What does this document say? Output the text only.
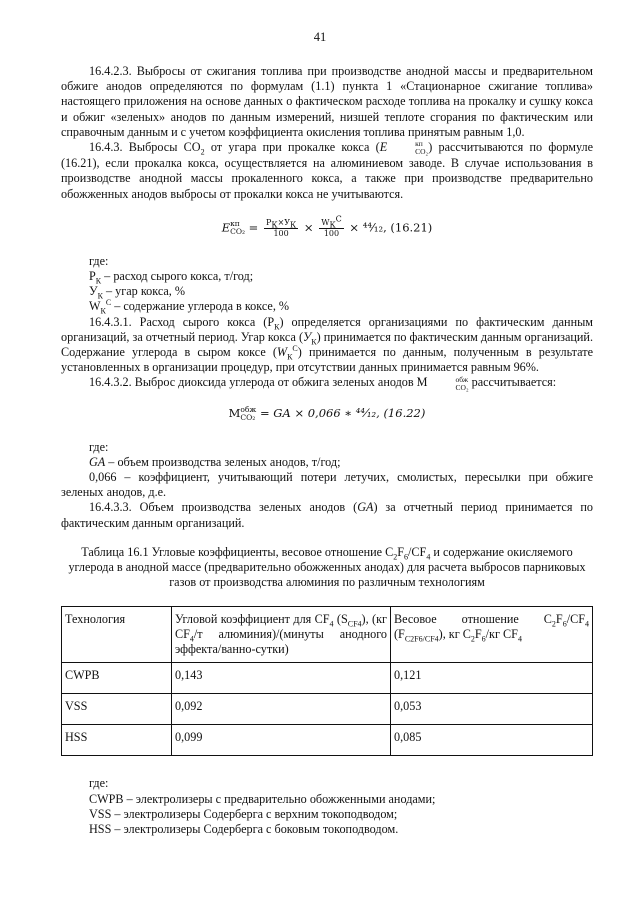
41

16.4.2.3. Выбросы от сжигания топлива при производстве анодной массы и предварительном обжиге анодов определяются по формулам (1.1) пункта 1 «Стационарное сжигание топлива» настоящего приложения на основе данных о фактическом расходе топлива на прокалку и сушку кокса и обжиг «зеленых» анодов по данным измерений, низшей теплоте сгорания по фактическим или справочным данным и с учетом коэффициента окисления топлива принятым равным 1,0.

16.4.3. Выбросы $CO_2$ от угара при прокалке кокса (E	кп
CO₂ ) рассчитываются по формуле (16.21), если прокалка кокса, осуществляется на алюминиевом заводе. В случае использования в производстве анодной массы прокаленного кокса, а также при производстве предварительно обожженных анодов выбросы от прокалки кокса не учитываются.

E кп
$CO_2 = \frac{Р_К\times У_К}{100} \times \frac{W_К^С}{100}$ × ⁴⁴⁄₁₂, (16.21)

где:

$Р_К$ – расход сырого кокса, т/год;

$У_К$ – угар кокса, %

$W_К^С$ – содержание углерода в коксе, %

16.4.3.1. Расход сырого кокса $(Р_К)$ определяется организациями по фактическим данным организаций, за отчетный период. Угар кокса $(У_К)$ принимается по фактическим данным организаций. Содержание углерода в сыром коксе $(W_К^С)$ принимается по данным, полученным в результате установленных в организации процедур, при отсутствии данных принимается равным 96%.

16.4.3.2. Выброс диоксида углерода от обжига зеленых анодов М	обж
CO₂ рассчитывается:

М обж
CO₂ = GA × 0,066 ∗ ⁴⁴⁄₁₂, (16.22)

где:

GA – объем производства зеленых анодов, т/год;

0,066 – коэффициент, учитывающий потери летучих, смолистых, пересылки при обжиге зеленых анодов, д.е.

16.4.3.3. Объем производства зеленых анодов (GA) за отчетный период принимается по фактическим данным организаций.

Таблица 16.1 Угловые коэффициенты, весовое отношение $C_2F_6/CF_4$ и содержание окисляемого углерода в анодной массе (предварительно обожженных анодах) для расчета выбросов парниковых газов от производства алюминия по различным технологиям

Технология	Угловой коэффициент для $CF_4$ $(S_{CF4})$, (кг $CF_4/т$ алюминия)/(минуты анодного эффекта/ванно-сутки)	Весовое отношение $C_2F_6/CF_4$ $(F_{C2F6/CF4})$, кг $C_2F_6/кг$ $CF_4$
CWPB	0,143	0,121
VSS	0,092	0,053
HSS	0,099	0,085

где:

CWPB – электролизеры с предварительно обожженными анодами;

VSS – электролизеры Содерберга с верхним токоподводом;

HSS – электролизеры Содерберга с боковым токоподводом.
